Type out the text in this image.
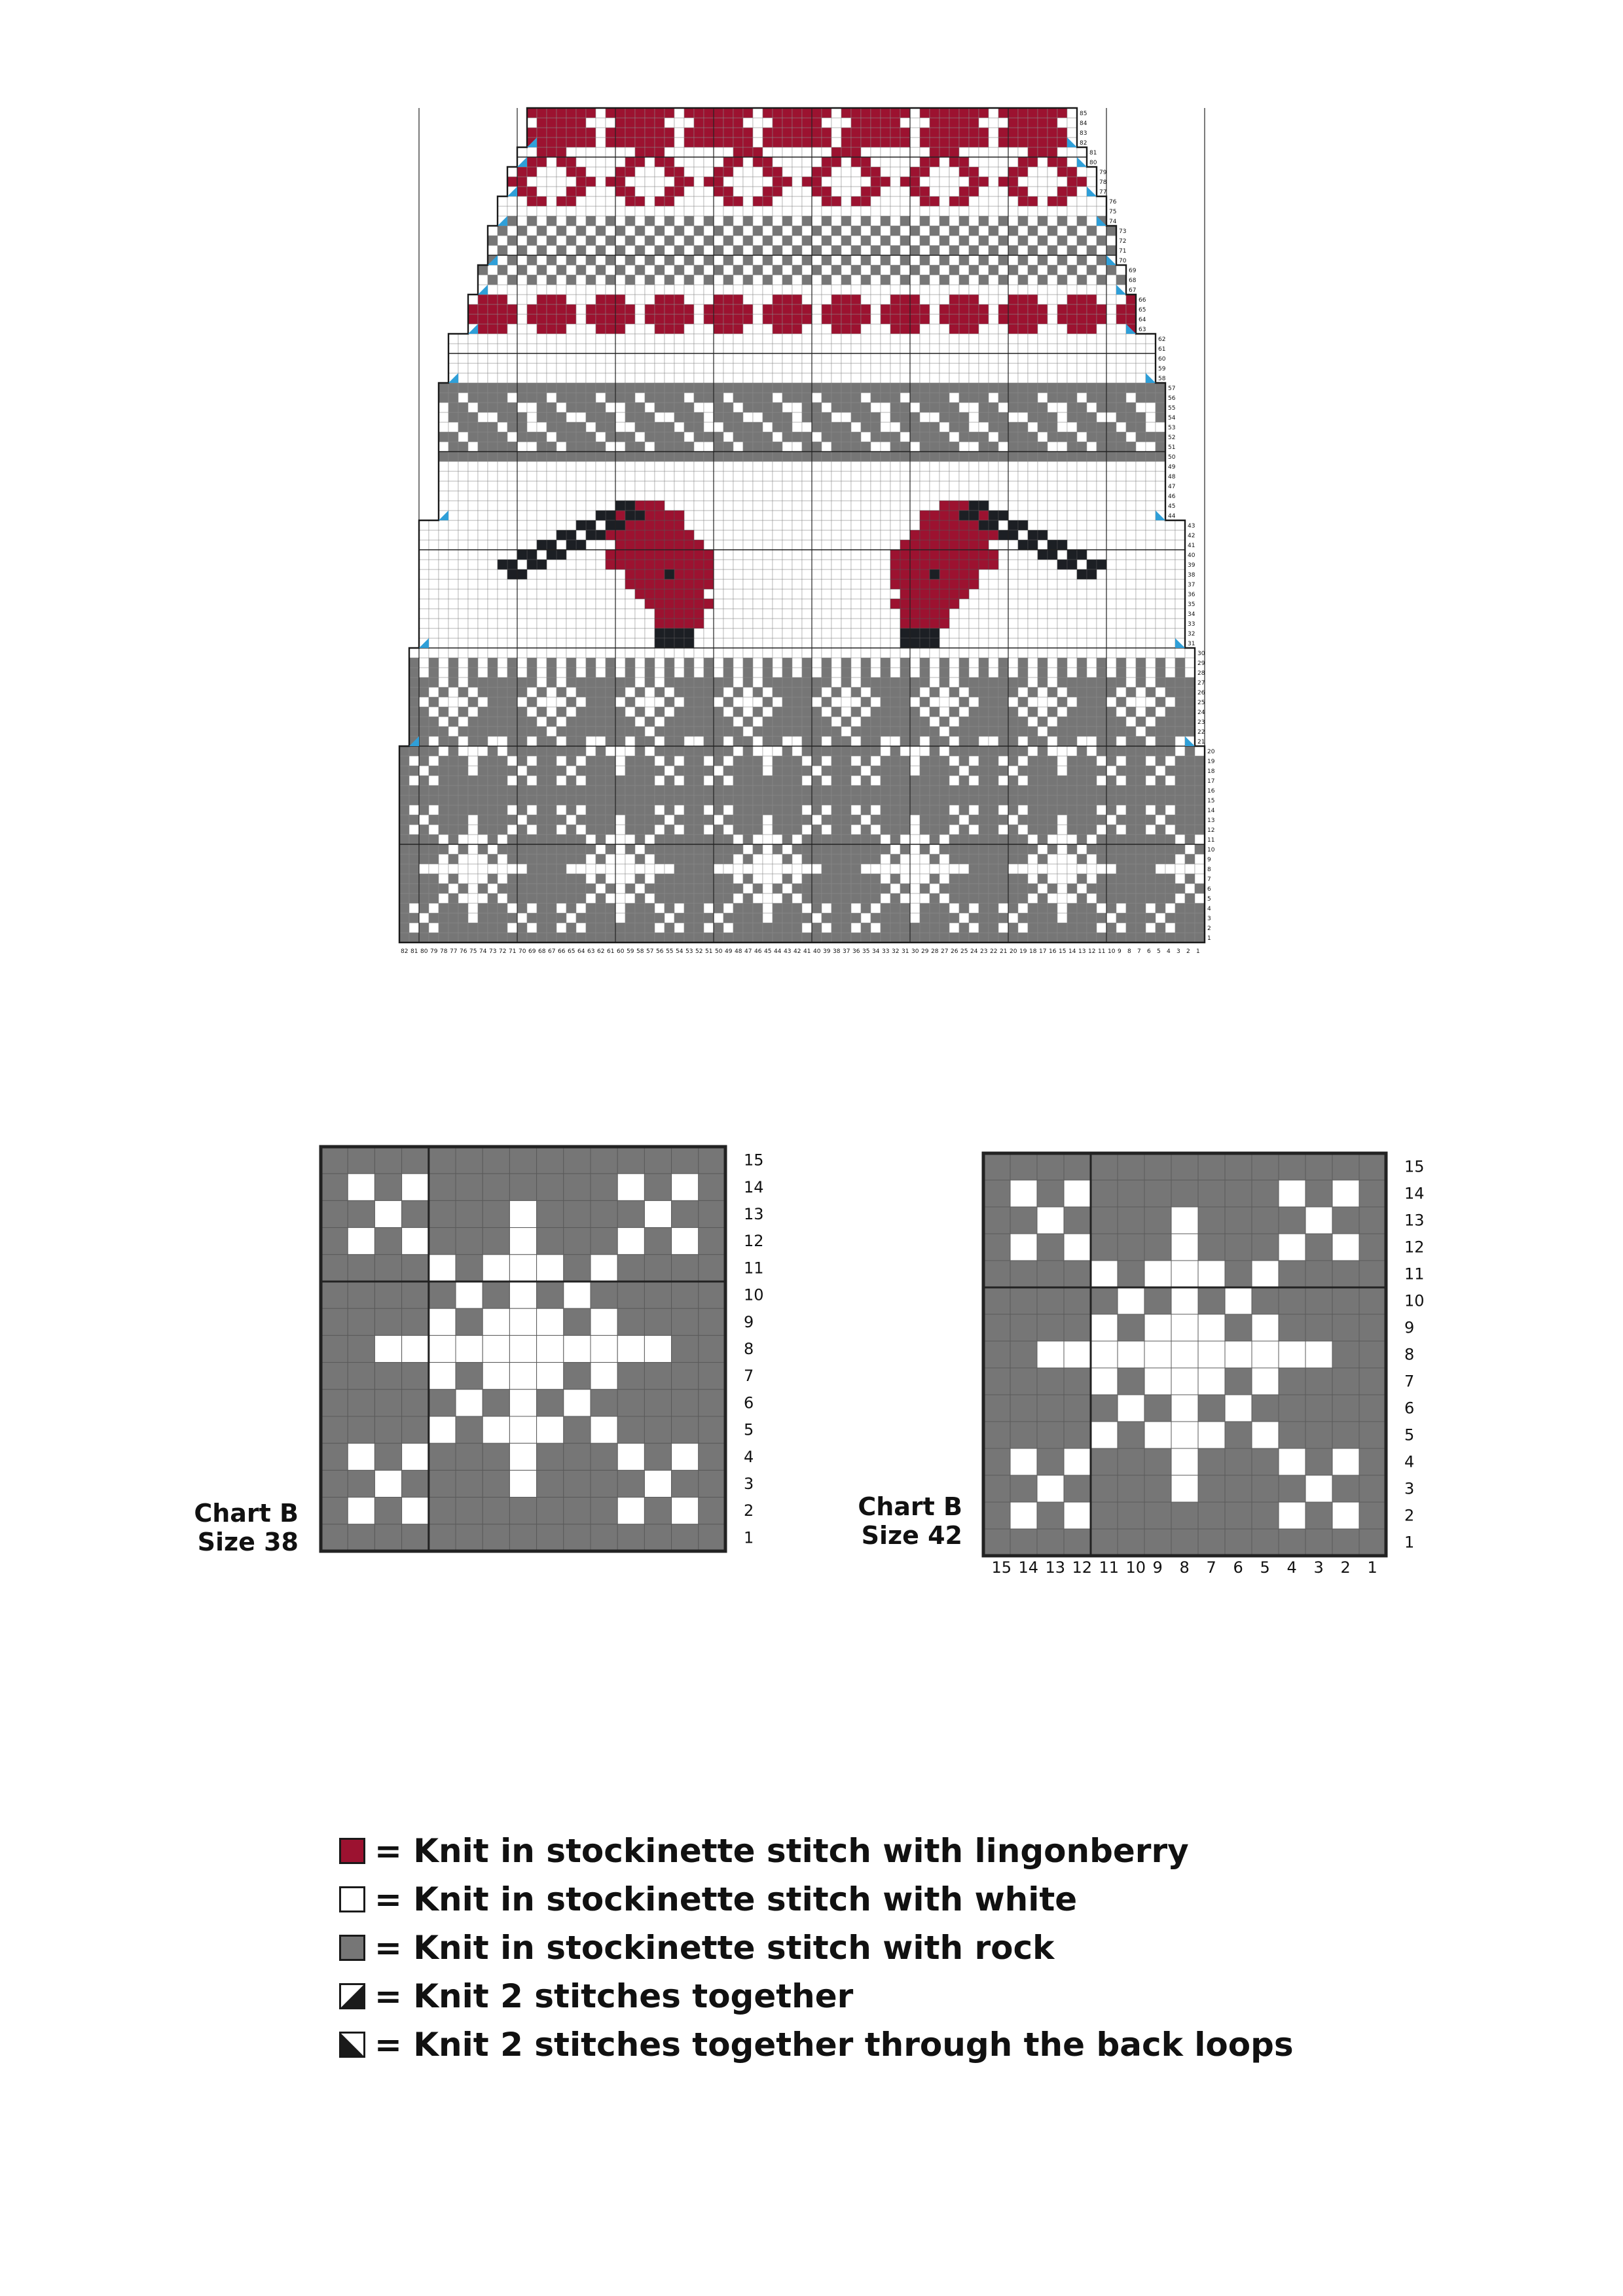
1
2
3
4
5
6
7
8
9
10
11
12
13
14
15
16
17
18
19
20
21
22
23
24
25
26
27
28
29
30
31
32
33
34
35
36
37
38
39
40
41
42
43
44
45
46
47
48
49
50
51
52
53
54
55
56
57
58
59
60
61
62
63
64
65
66
67
68
69
70
71
72
73
74
75
76
77
78
79
80
81
82
83
84
85
82 81 80 79 78 77 76 75 74 73 72 71 70 69 68 67 66 65 64 63 62 61 60 59 58 57 56 55 54 53 52 51 50 49 48 47 46 45 44 43 42 41 40 39 38 37 36 35 34 33 32 31 30 29 28 27 26 25 24 23 22 21 20 19 18 17 16 15 14 13 12 11 10 9 8 7 6 5 4 3 2 1
Chart B
Size 38	1
2
3
4
5
6
7
8
9
10
11
12
13
14
15
Chart B
Size 42	1
2
3
4
5
6
7
8
9
10
11
12
13
14
15
15 14 13 12 11 10 9 8 7 6 5 4 3 2 1
= Knit in stockinette stitch with lingonberry
= Knit in stockinette stitch with white
= Knit in stockinette stitch with rock
= Knit 2 stitches together
= Knit 2 stitches together through the back loops
